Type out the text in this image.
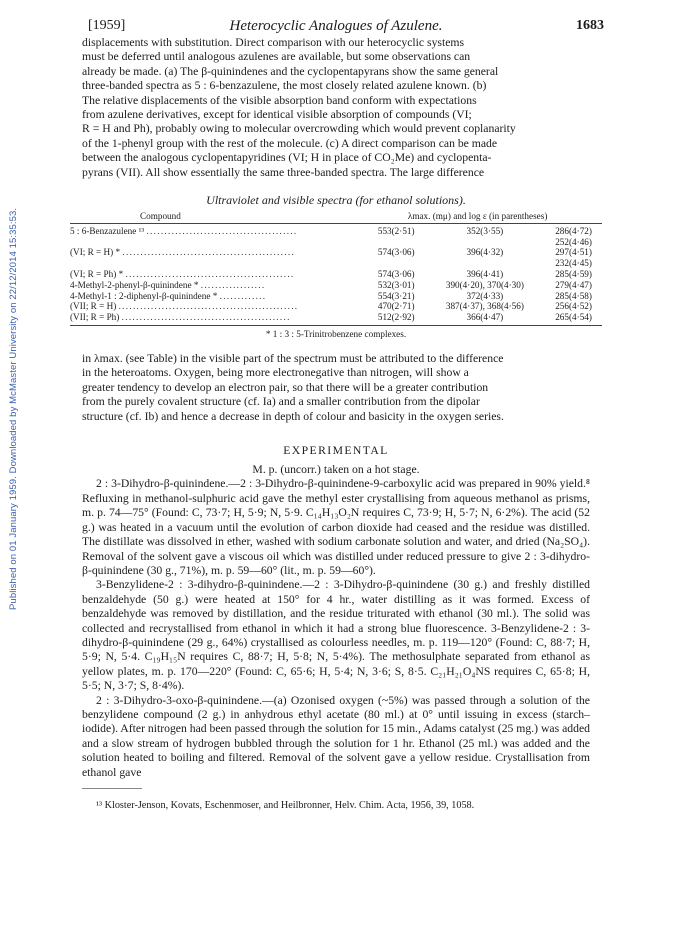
Published on 01 January 1959. Downloaded by McMaster University on 22/12/2014 15:35:53.
[1959]	Heterocyclic Analogues of Azulene.	1683

displacements with substitution. Direct comparison with our heterocyclic systems

must be deferred until analogous azulenes are available, but some observations can

already be made. (a) The β-quinindenes and the cyclopentapyrans show the same general

three-banded spectra as 5 : 6-benzazulene, the most closely related azulene known. (b)

The relative displacements of the visible absorption band conform with expectations

from azulene derivatives, except for identical visible absorption of compounds (VI;

R = H and Ph), probably owing to molecular overcrowding which would prevent coplanarity

of the 1-phenyl group with the rest of the molecule. (c) A direct comparison can be made

between the analogous cyclopentapyridines (VI; H in place of CO₂Me) and cyclopenta-

pyrans (VII). All show essentially the same three-banded spectra. The large difference

Ultraviolet and visible spectra (for ethanol solutions).
Compound	λmax. (mμ) and log ε (in parentheses)		
5 : 6-Benzazulene ¹³ ..........................................	553(2·51)	352(3·55)	286(4·72)
			252(4·46)
(VI; R = H) * ................................................	574(3·06)	396(4·32)	297(4·51)
			232(4·45)
(VI; R = Ph) * ...............................................	574(3·06)	396(4·41)	285(4·59)
4-Methyl-2-phenyl-β-quinindene * ..................	532(3·01)	390(4·20), 370(4·30)	279(4·47)
4-Methyl-1 : 2-diphenyl-β-quinindene * .............	554(3·21)	372(4·33)	285(4·58)
(VII; R = H) ..................................................	470(2·71)	387(4·37), 368(4·56)	256(4·52)
(VII; R = Ph) ...............................................	512(2·92)	366(4·47)	265(4·54)
* 1 : 3 : 5-Trinitrobenzene complexes.

in λmax. (see Table) in the visible part of the spectrum must be attributed to the difference

in the heteroatoms. Oxygen, being more electronegative than nitrogen, will show a

greater tendency to develop an electron pair, so that there will be a greater contribution

from the purely covalent structure (cf. Ia) and a smaller contribution from the dipolar

structure (cf. Ib) and hence a decrease in depth of colour and basicity in the oxygen series.

EXPERIMENTAL

M. p. (uncorr.) taken on a hot stage.

2 : 3-Dihydro-β-quinindene.—2 : 3-Dihydro-β-quinindene-9-carboxylic acid was prepared in 90% yield.⁸ Refluxing in methanol-sulphuric acid gave the methyl ester crystallising from aqueous methanol as prisms, m. p. 74—75° (Found: C, 73·7; H, 5·9; N, 5·9. C₁₄H₁₃O₂N requires C, 73·9; H, 5·7; N, 6·2%). The acid (52 g.) was heated in a vacuum until the evolution of carbon dioxide had ceased and the residue was distilled. The distillate was dissolved in ether, washed with sodium carbonate solution and water, and dried (Na₂SO₄). Removal of the solvent gave a viscous oil which was distilled under reduced pressure to give 2 : 3-dihydro-β-quinindene (30 g., 71%), m. p. 59—60° (lit., m. p. 59—60°).

3-Benzylidene-2 : 3-dihydro-β-quinindene.—2 : 3-Dihydro-β-quinindene (30 g.) and freshly distilled benzaldehyde (50 g.) were heated at 150° for 4 hr., water distilling as it was formed. Excess of benzaldehyde was removed by distillation, and the residue triturated with ethanol (30 ml.). The solid was collected and recrystallised from ethanol in which it had a strong blue fluorescence. 3-Benzylidene-2 : 3-dihydro-β-quinindene (29 g., 64%) crystallised as colourless needles, m. p. 119—120° (Found: C, 88·7; H, 5·9; N, 5·4. C₁₉H₁₅N requires C, 88·7; H, 5·8; N, 5·4%). The methosulphate separated from ethanol as yellow plates, m. p. 170—220° (Found: C, 65·6; H, 5·4; N, 3·6; S, 8·5. C₂₁H₂₁O₄NS requires C, 65·8; H, 5·5; N, 3·7; S, 8·4%).

2 : 3-Dihydro-3-oxo-β-quinindene.—(a) Ozonised oxygen (~5%) was passed through a solution of the benzylidene compound (2 g.) in anhydrous ethyl acetate (80 ml.) at 0° until issuing in excess (starch–iodide). After nitrogen had been passed through the solution for 15 min., Adams catalyst (25 mg.) was added and a slow stream of hydrogen bubbled through the solution for 1 hr. Ethanol (25 ml.) was added and the solution heated to boiling and filtered. Removal of the solvent gave a yellow residue. Crystallisation from ethanol gave

¹³ Kloster-Jenson, Kovats, Eschenmoser, and Heilbronner, Helv. Chim. Acta, 1956, 39, 1058.
